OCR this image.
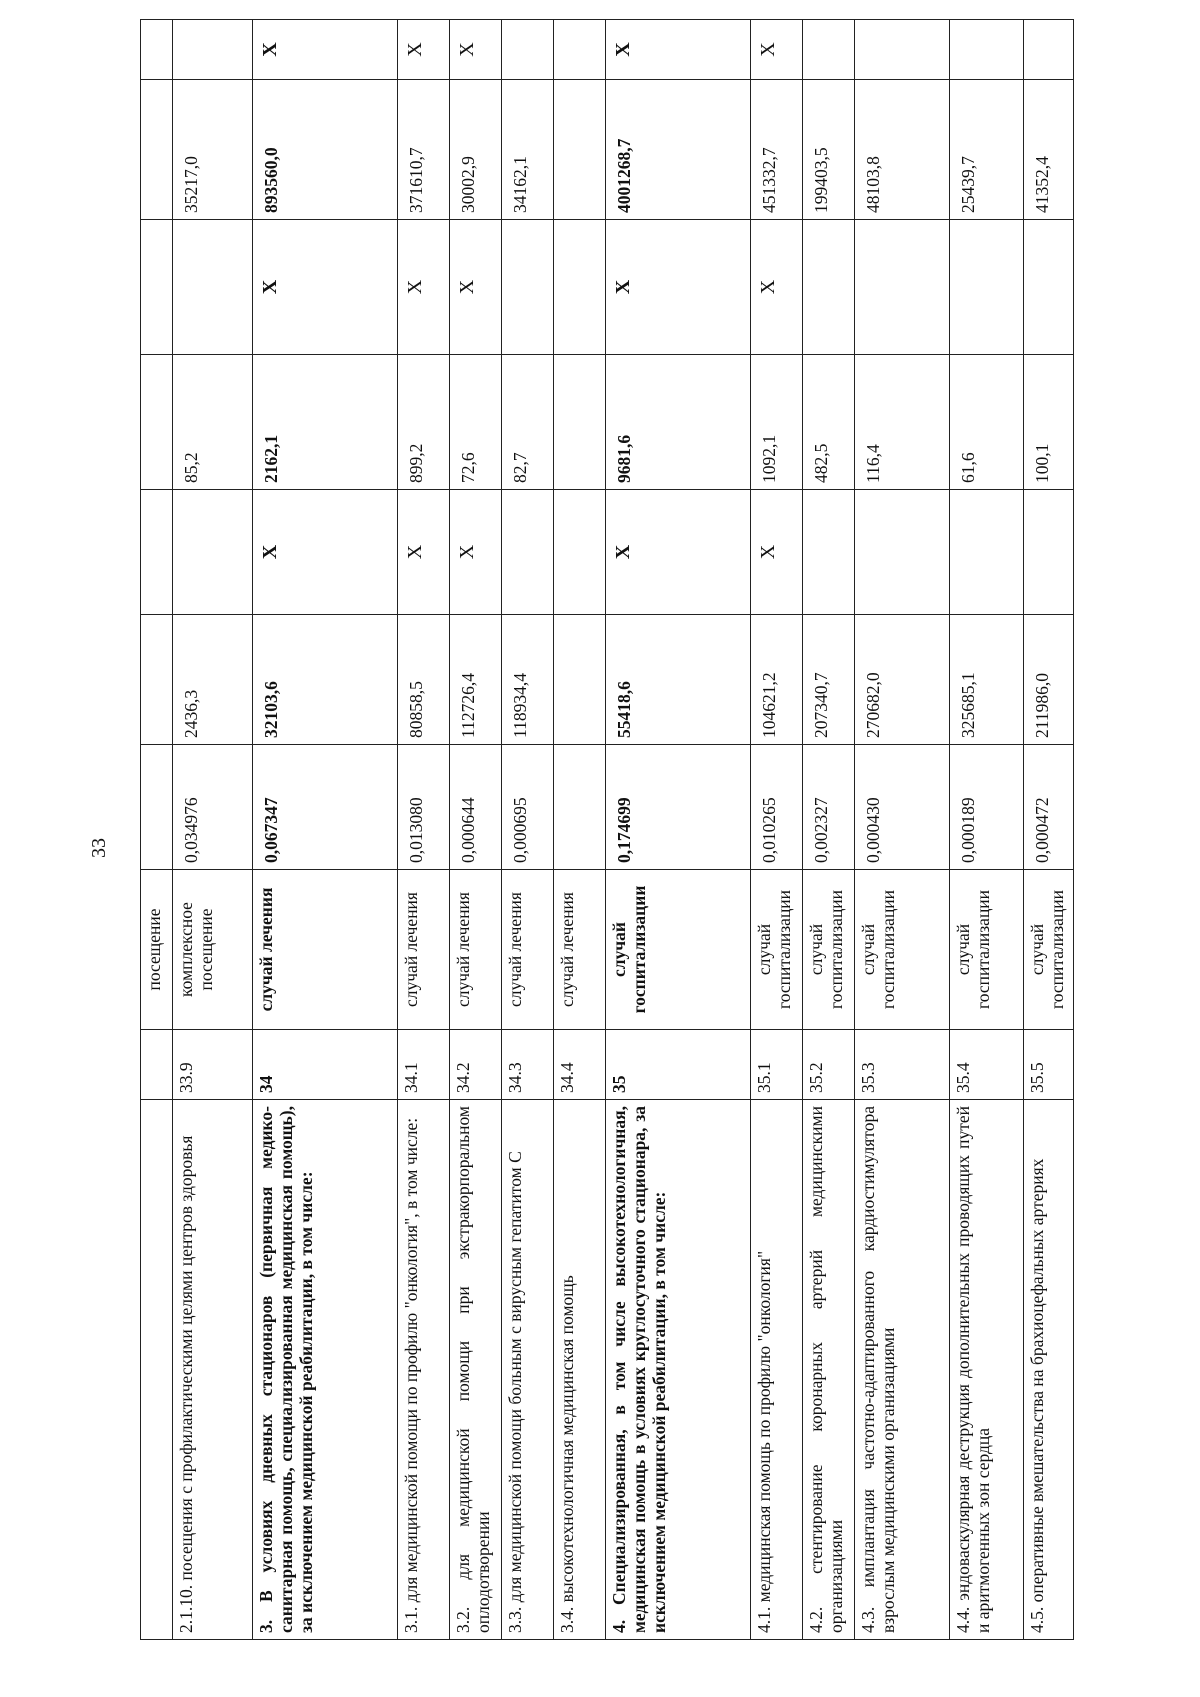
33
		посещение							
2.1.10. посещения с профилактическими целями центров здоровья	33.9	комплексное посещение	0,034976	2436,3		85,2		35217,0	
3. В условиях дневных стационаров (первичная медико-санитарная помощь, специализированная медицинская помощь), за исключением медицинской реабилитации, в том числе:	34	случай лечения	0,067347	32103,6	Х	2162,1	Х	893560,0	Х
3.1. для медицинской помощи по профилю "онкология", в том числе:	34.1	случай лечения	0,013080	80858,5	Х	899,2	Х	371610,7	Х
3.2. для медицинской помощи при экстракорпоральном оплодотворении	34.2	случай лечения	0,000644	112726,4	Х	72,6	Х	30002,9	Х
3.3. для медицинской помощи больным с вирусным гепатитом С	34.3	случай лечения	0,000695	118934,4		82,7		34162,1	
3.4. высокотехнологичная медицинская помощь	34.4	случай лечения							
4. Специализированная, в том числе высокотехнологичная, медицинская помощь в условиях круглосуточного стационара, за исключением медицинской реабилитации, в том числе:	35	случай госпитализации	0,174699	55418,6	Х	9681,6	Х	4001268,7	Х
4.1. медицинская помощь по профилю "онкология"	35.1	случай госпитализации	0,010265	104621,2	Х	1092,1	Х	451332,7	Х
4.2. стентирование коронарных артерий медицинскими организациями	35.2	случай госпитализации	0,002327	207340,7		482,5		199403,5	
4.3. имплантация частотно-адаптированного кардиостимулятора взрослым медицинскими организациями	35.3	случай госпитализации	0,000430	270682,0		116,4		48103,8	
4.4. эндоваскулярная деструкция дополнительных проводящих путей и аритмогенных зон сердца	35.4	случай госпитализации	0,000189	325685,1		61,6		25439,7	
4.5. оперативные вмешательства на брахиоцефальных артериях	35.5	случай госпитализации	0,000472	211986,0		100,1		41352,4	
